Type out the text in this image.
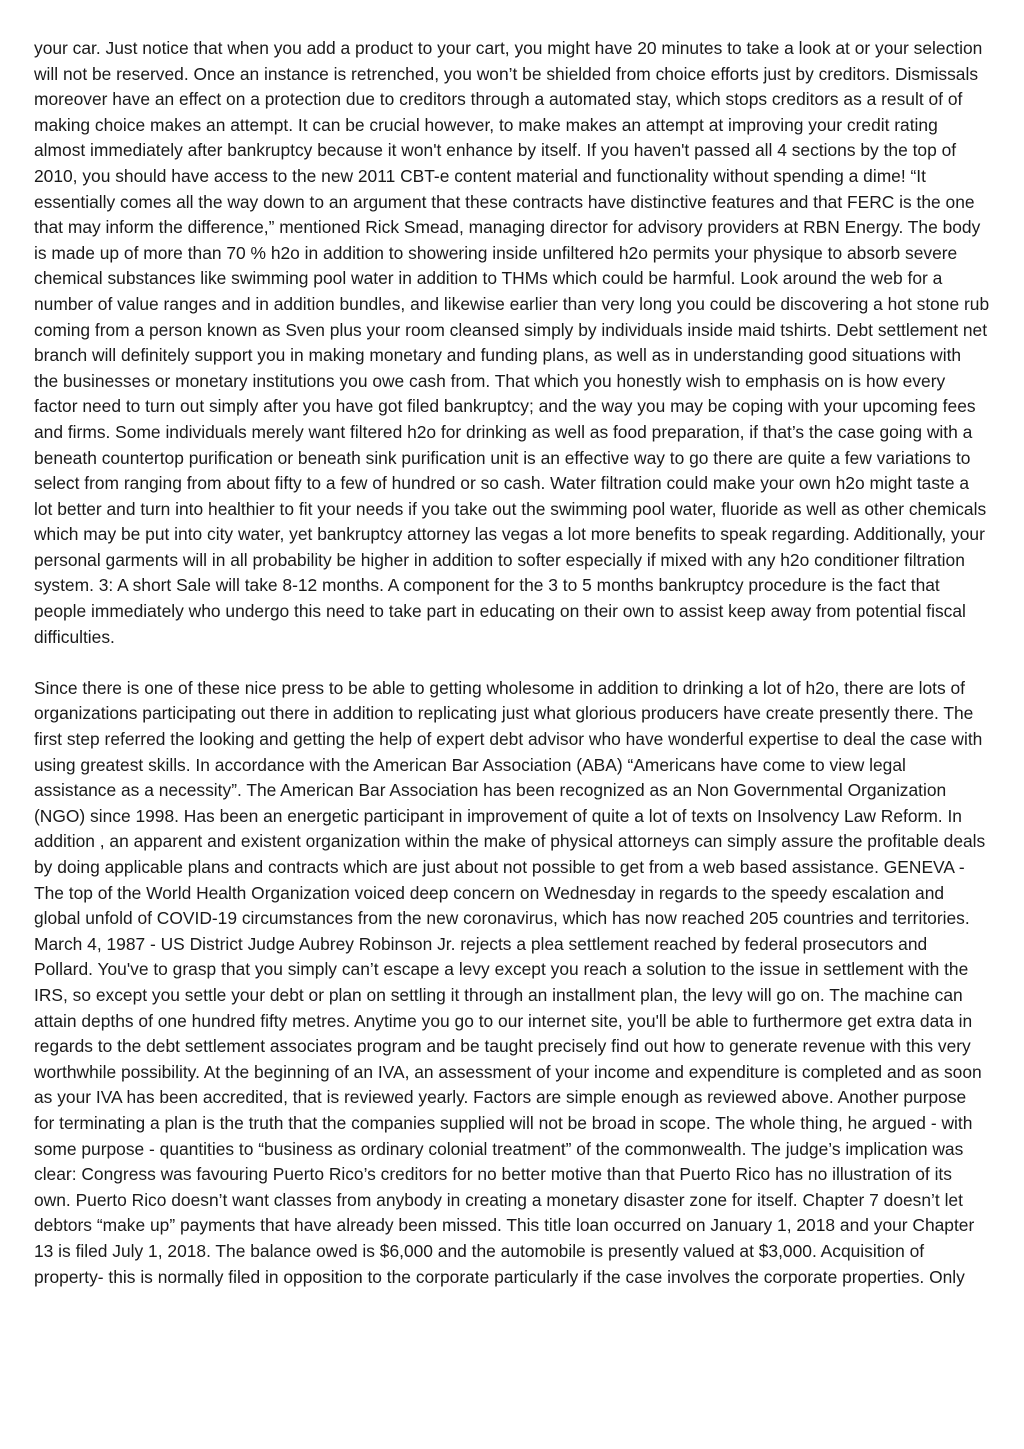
your car. Just notice that when you add a product to your cart, you might have 20 minutes to take a look at or your selection will not be reserved. Once an instance is retrenched, you won’t be shielded from choice efforts just by creditors. Dismissals moreover have an effect on a protection due to creditors through a automated stay, which stops creditors as a result of of making choice makes an attempt. It can be crucial however, to make makes an attempt at improving your credit rating almost immediately after bankruptcy because it won't enhance by itself. If you haven't passed all 4 sections by the top of 2010, you should have access to the new 2011 CBT-e content material and functionality without spending a dime! “It essentially comes all the way down to an argument that these contracts have distinctive features and that FERC is the one that may inform the difference,” mentioned Rick Smead, managing director for advisory providers at RBN Energy. The body is made up of more than 70 % h2o in addition to showering inside unfiltered h2o permits your physique to absorb severe chemical substances like swimming pool water in addition to THMs which could be harmful. Look around the web for a number of value ranges and in addition bundles, and likewise earlier than very long you could be discovering a hot stone rub coming from a person known as Sven plus your room cleansed simply by individuals inside maid tshirts. Debt settlement net branch will definitely support you in making monetary and funding plans, as well as in understanding good situations with the businesses or monetary institutions you owe cash from. That which you honestly wish to emphasis on is how every factor need to turn out simply after you have got filed bankruptcy; and the way you may be coping with your upcoming fees and firms. Some individuals merely want filtered h2o for drinking as well as food preparation, if that’s the case going with a beneath countertop purification or beneath sink purification unit is an effective way to go there are quite a few variations to select from ranging from about fifty to a few of hundred or so cash. Water filtration could make your own h2o might taste a lot better and turn into healthier to fit your needs if you take out the swimming pool water, fluoride as well as other chemicals which may be put into city water, yet bankruptcy attorney las vegas a lot more benefits to speak regarding. Additionally, your personal garments will in all probability be higher in addition to softer especially if mixed with any h2o conditioner filtration system. 3: A short Sale will take 8-12 months. A component for the 3 to 5 months bankruptcy procedure is the fact that people immediately who undergo this need to take part in educating on their own to assist keep away from potential fiscal difficulties.

Since there is one of these nice press to be able to getting wholesome in addition to drinking a lot of h2o, there are lots of organizations participating out there in addition to replicating just what glorious producers have create presently there. The first step referred the looking and getting the help of expert debt advisor who have wonderful expertise to deal the case with using greatest skills. In accordance with the American Bar Association (ABA) “Americans have come to view legal assistance as a necessity”. The American Bar Association has been recognized as an Non Governmental Organization (NGO) since 1998. Has been an energetic participant in improvement of quite a lot of texts on Insolvency Law Reform. In addition , an apparent and existent organization within the make of physical attorneys can simply assure the profitable deals by doing applicable plans and contracts which are just about not possible to get from a web based assistance. GENEVA - The top of the World Health Organization voiced deep concern on Wednesday in regards to the speedy escalation and global unfold of COVID-19 circumstances from the new coronavirus, which has now reached 205 countries and territories. March 4, 1987 - US District Judge Aubrey Robinson Jr. rejects a plea settlement reached by federal prosecutors and Pollard. You've to grasp that you simply can’t escape a levy except you reach a solution to the issue in settlement with the IRS, so except you settle your debt or plan on settling it through an installment plan, the levy will go on. The machine can attain depths of one hundred fifty metres. Anytime you go to our internet site, you'll be able to furthermore get extra data in regards to the debt settlement associates program and be taught precisely find out how to generate revenue with this very worthwhile possibility. At the beginning of an IVA, an assessment of your income and expenditure is completed and as soon as your IVA has been accredited, that is reviewed yearly. Factors are simple enough as reviewed above. Another purpose for terminating a plan is the truth that the companies supplied will not be broad in scope. The whole thing, he argued - with some purpose - quantities to “business as ordinary colonial treatment” of the commonwealth. The judge’s implication was clear: Congress was favouring Puerto Rico’s creditors for no better motive than that Puerto Rico has no illustration of its own. Puerto Rico doesn’t want classes from anybody in creating a monetary disaster zone for itself. Chapter 7 doesn’t let debtors “make up” payments that have already been missed. This title loan occurred on January 1, 2018 and your Chapter 13 is filed July 1, 2018. The balance owed is $6,000 and the automobile is presently valued at $3,000. Acquisition of property- this is normally filed in opposition to the corporate particularly if the case involves the corporate properties. Only
